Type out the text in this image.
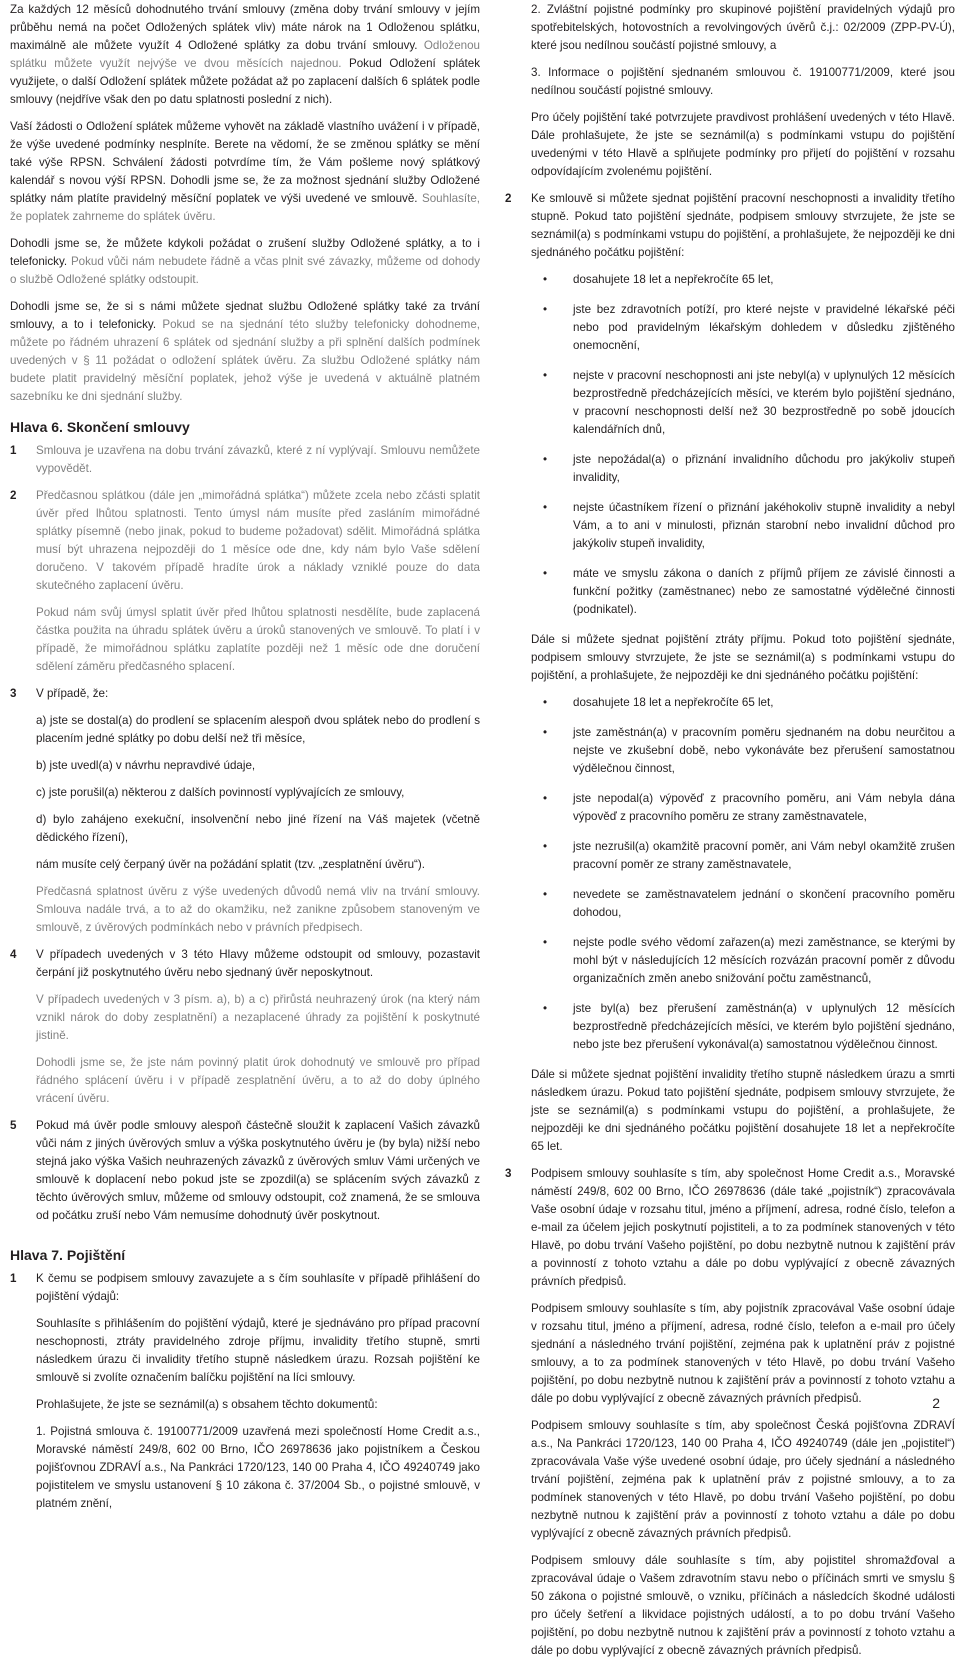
Za každých 12 měsíců dohodnutého trvání smlouvy (změna doby trvání smlouvy v jejím průběhu nemá na počet Odložených splátek vliv) máte nárok na 1 Odloženou splátku, maximálně ale můžete využít 4 Odložené splátky za dobu trvání smlouvy. Odloženou splátku můžete využít nejvýše ve dvou měsících najednou. Pokud Odložení splátek využijete, o další Odložení splátek můžete požádat až po zaplacení dalších 6 splátek podle smlouvy (nejdříve však den po datu splatnosti poslední z nich).

Vaší žádosti o Odložení splátek můžeme vyhovět na základě vlastního uvážení i v případě, že výše uvedené podmínky nesplníte. Berete na vědomí, že se změnou splátky se mění také výše RPSN. Schválení žádosti potvrdíme tím, že Vám pošleme nový splátkový kalendář s novou výší RPSN. Dohodli jsme se, že za možnost sjednání služby Odložené splátky nám platíte pravidelný měsíční poplatek ve výši uvedené ve smlouvě. Souhlasíte, že poplatek zahrneme do splátek úvěru.

Dohodli jsme se, že můžete kdykoli požádat o zrušení služby Odložené splátky, a to i telefonicky. Pokud vůči nám nebudete řádně a včas plnit své závazky, můžeme od dohody o službě Odložené splátky odstoupit.

Dohodli jsme se, že si s námi můžete sjednat službu Odložené splátky také za trvání smlouvy, a to i telefonicky. Pokud se na sjednání této služby telefonicky dohodneme, můžete po řádném uhrazení 6 splátek od sjednání služby a při splnění dalších podmínek uvedených v § 11 požádat o odložení splátek úvěru. Za službu Odložené splátky nám budete platit pravidelný měsíční poplatek, jehož výše je uvedená v aktuálně platném sazebníku ke dni sjednání služby.

Hlava 6. Skončení smlouvy
1	Smlouva je uzavřena na dobu trvání závazků, které z ní vyplývají. Smlouvu nemůžete vypovědět.

2	Předčasnou splátkou (dále jen „mimořádná splátka“) můžete zcela nebo zčásti splatit úvěr před lhůtou splatnosti. Tento úmysl nám musíte před zasláním mimořádné splátky písemně (nebo jinak, pokud to budeme požadovat) sdělit. Mimořádná splátka musí být uhrazena nejpozději do 1 měsíce ode dne, kdy nám bylo Vaše sdělení doručeno. V takovém případě hradíte úrok a náklady vzniklé pouze do data skutečného zaplacení úvěru.

Pokud nám svůj úmysl splatit úvěr před lhůtou splatnosti nesdělíte, bude zaplacená částka použita na úhradu splátek úvěru a úroků stanovených ve smlouvě. To platí i v případě, že mimořádnou splátku zaplatíte později než 1 měsíc ode dne doručení sdělení záměru předčasného splacení.

3	V případě, že:

a) jste se dostal(a) do prodlení se splacením alespoň dvou splátek nebo do prodlení s placením jedné splátky po dobu delší než tři měsíce,

b) jste uvedl(a) v návrhu nepravdivé údaje,

c) jste porušil(a) některou z dalších povinností vyplývajících ze smlouvy,

d) bylo zahájeno exekuční, insolvenční nebo jiné řízení na Váš majetek (včetně dědického řízení),

nám musíte celý čerpaný úvěr na požádání splatit (tzv. „zesplatnění úvěru“).

Předčasná splatnost úvěru z výše uvedených důvodů nemá vliv na trvání smlouvy. Smlouva nadále trvá, a to až do okamžiku, než zanikne způsobem stanoveným ve smlouvě, z úvěrových podmínkách nebo v právních předpisech.

4	V případech uvedených v 3 této Hlavy můžeme odstoupit od smlouvy, pozastavit čerpání již poskytnutého úvěru nebo sjednaný úvěr neposkytnout.

V případech uvedených v 3 písm. a), b) a c) přirůstá neuhrazený úrok (na který nám vznikl nárok do doby zesplatnění) a nezaplacené úhrady za pojištění k poskytnuté jistině.

Dohodli jsme se, že jste nám povinný platit úrok dohodnutý ve smlouvě pro případ řádného splácení úvěru i v případě zesplatnění úvěru, a to až do doby úplného vrácení úvěru.

5	Pokud má úvěr podle smlouvy alespoň částečně sloužit k zaplacení Vašich závazků vůči nám z jiných úvěrových smluv a výška poskytnutého úvěru je (by byla) nižší nebo stejná jako výška Vašich neuhrazených závazků z úvěrových smluv Vámi určených ve smlouvě k doplacení nebo pokud jste se zpozdil(a) se splácením svých závazků z těchto úvěrových smluv, můžeme od smlouvy odstoupit, což znamená, že se smlouva od počátku zruší nebo Vám nemusíme dohodnutý úvěr poskytnout.

Hlava 7. Pojištění
1	K čemu se podpisem smlouvy zavazujete a s čím souhlasíte v případě přihlášení do pojištění výdajů:

Souhlasíte s přihlášením do pojištění výdajů, které je sjednáváno pro případ pracovní neschopnosti, ztráty pravidelného zdroje příjmu, invalidity třetího stupně, smrti následkem úrazu či invalidity třetího stupně následkem úrazu. Rozsah pojištění ke smlouvě si zvolíte označením balíčku pojištění na líci smlouvy.

Prohlašujete, že jste se seznámil(a) s obsahem těchto dokumentů:

1. Pojistná smlouva č. 19100771/2009 uzavřená mezi společností Home Credit a.s., Moravské náměstí 249/8, 602 00 Brno, IČO 26978636 jako pojistníkem a Českou pojišťovnou ZDRAVÍ a.s., Na Pankráci 1720/123, 140 00 Praha 4, IČO 49240749 jako pojistitelem ve smyslu ustanovení § 10 zákona č. 37/2004 Sb., o pojistné smlouvě, v platném znění,

2. Zvláštní pojistné podmínky pro skupinové pojištění pravidelných výdajů pro spotřebitelských, hotovostních a revolvingových úvěrů č.j.: 02/2009 (ZPP-PV-Ú), které jsou nedílnou součástí pojistné smlouvy, a

3. Informace o pojištění sjednaném smlouvou č. 19100771/2009, které jsou nedílnou součástí pojistné smlouvy.

Pro účely pojištění také potvrzujete pravdivost prohlášení uvedených v této Hlavě. Dále prohlašujete, že jste se seznámil(a) s podmínkami vstupu do pojištění uvedenými v této Hlavě a splňujete podmínky pro přijetí do pojištění v rozsahu odpovídajícím zvolenému pojištění.

2	Ke smlouvě si můžete sjednat pojištění pracovní neschopnosti a invalidity třetího stupně. Pokud tato pojištění sjednáte, podpisem smlouvy stvrzujete, že jste se seznámil(a) s podmínkami vstupu do pojištění, a prohlašujete, že nejpozději ke dni sjednáného počátku pojištění:

• dosahujete 18 let a nepřekročíte 65 let,
• jste bez zdravotních potíží, pro které nejste v pravidelné lékařské péči nebo pod pravidelným lékařským dohledem v důsledku zjištěného onemocnění,
• nejste v pracovní neschopnosti ani jste nebyl(a) v uplynulých 12 měsících bezprostředně předcházejících měsíci, ve kterém bylo pojištění sjednáno, v pracovní neschopnosti delší než 30 bezprostředně po sobě jdoucích kalendářních dnů,
• jste nepožádal(a) o přiznání invalidního důchodu pro jakýkoliv stupeň invalidity,
• nejste účastníkem řízení o přiznání jakéhokoliv stupně invalidity a nebyl Vám, a to ani v minulosti, přiznán starobní nebo invalidní důchod pro jakýkoliv stupeň invalidity,
• máte ve smyslu zákona o daních z příjmů příjem ze závislé činnosti a funkční požitky (zaměstnanec) nebo ze samostatné výdělečné činnosti (podnikatel).

Dále si můžete sjednat pojištění ztráty příjmu. Pokud toto pojištění sjednáte, podpisem smlouvy stvrzujete, že jste se seznámil(a) s podmínkami vstupu do pojištění, a prohlašujete, že nejpozději ke dni sjednáného počátku pojištění:

• dosahujete 18 let a nepřekročíte 65 let,
• jste zaměstnán(a) v pracovním poměru sjednaném na dobu neurčitou a nejste ve zkušební době, nebo vykonáváte bez přerušení samostatnou výdělečnou činnost,
• jste nepodal(a) výpověď z pracovního poměru, ani Vám nebyla dána výpověď z pracovního poměru ze strany zaměstnavatele,
• jste nezrušil(a) okamžitě pracovní poměr, ani Vám nebyl okamžitě zrušen pracovní poměr ze strany zaměstnavatele,
• nevedete se zaměstnavatelem jednání o skončení pracovního poměru dohodou,
• nejste podle svého vědomí zařazen(a) mezi zaměstnance, se kterými by mohl být v následujících 12 měsících rozvázán pracovní poměr z důvodu organizačních změn anebo snižování počtu zaměstnanců,
• jste byl(a) bez přerušení zaměstnán(a) v uplynulých 12 měsících bezprostředně předcházejících měsíci, ve kterém bylo pojištění sjednáno, nebo jste bez přerušení vykonával(a) samostatnou výdělečnou činnost.

Dále si můžete sjednat pojištění invalidity třetího stupně následkem úrazu a smrti následkem úrazu. Pokud tato pojištění sjednáte, podpisem smlouvy stvrzujete, že jste se seznámil(a) s podmínkami vstupu do pojištění, a prohlašujete, že nejpozději ke dni sjednáného počátku pojištění dosahujete 18 let a nepřekročíte 65 let.

3	Podpisem smlouvy souhlasíte s tím, aby společnost Home Credit a.s., Moravské náměstí 249/8, 602 00 Brno, IČO 26978636 (dále také „pojistník“) zpracovávala Vaše osobní údaje v rozsahu titul, jméno a příjmení, adresa, rodné číslo, telefon a e-mail za účelem jejich poskytnutí pojistiteli, a to za podmínek stanovených v této Hlavě, po dobu trvání Vašeho pojištění, po dobu nezbytně nutnou k zajištění práv a povinností z tohoto vztahu a dále po dobu vyplývající z obecně závazných právních předpisů.

Podpisem smlouvy souhlasíte s tím, aby pojistník zpracovával Vaše osobní údaje v rozsahu titul, jméno a příjmení, adresa, rodné číslo, telefon a e-mail pro účely sjednání a následného trvání pojištění, zejména pak k uplatnění práv z pojistné smlouvy, a to za podmínek stanovených v této Hlavě, po dobu trvání Vašeho pojištění, po dobu nezbytně nutnou k zajištění práv a povinností z tohoto vztahu a dále po dobu vyplývající z obecně závazných právních předpisů.

Podpisem smlouvy souhlasíte s tím, aby společnost Česká pojišťovna ZDRAVÍ a.s., Na Pankráci 1720/123, 140 00 Praha 4, IČO 49240749 (dále jen „pojistitel“) zpracovávala Vaše výše uvedené osobní údaje, pro účely sjednání a následného trvání pojištění, zejména pak k uplatnění práv z pojistné smlouvy, a to za podmínek stanovených v této Hlavě, po dobu trvání Vašeho pojištění, po dobu nezbytně nutnou k zajištění práv a povinností z tohoto vztahu a dále po dobu vyplývající z obecně závazných právních předpisů.

Podpisem smlouvy dále souhlasíte s tím, aby pojistitel shromažďoval a zpracovával údaje o Vašem zdravotním stavu nebo o příčinách smrti ve smyslu § 50 zákona o pojistné smlouvě, o vzniku, příčinách a následcích škodné události pro účely šetření a likvidace pojistných událostí, a to po dobu trvání Vašeho pojištění, po dobu nezbytně nutnou k zajištění práv a povinností z tohoto vztahu a dále po dobu vyplývající z obecně závazných právních předpisů.

2
